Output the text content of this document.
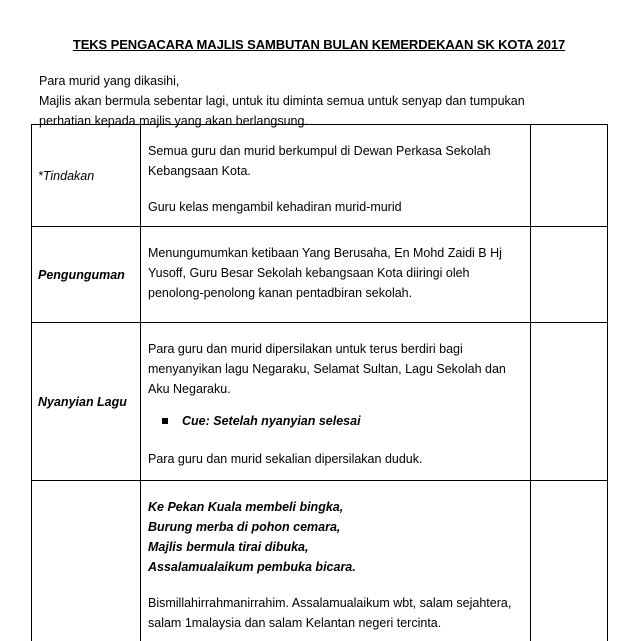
TEKS PENGACARA MAJLIS SAMBUTAN BULAN KEMERDEKAAN SK KOTA 2017
Para murid yang dikasihi,
Majlis akan bermula sebentar lagi, untuk itu diminta semua untuk senyap dan tumpukan
perhatian kepada majlis yang akan berlangsung.
*Tindakan
Semua guru dan murid berkumpul di Dewan Perkasa Sekolah
Kebangsaan Kota.
Guru kelas mengambil kehadiran murid-murid
Pengunguman
Menungumumkan ketibaan Yang Berusaha, En Mohd Zaidi B Hj
Yusoff, Guru Besar Sekolah kebangsaan Kota diiringi oleh
penolong-penolong kanan pentadbiran sekolah.
Nyanyian Lagu
Para guru dan murid dipersilakan untuk terus berdiri bagi
menyanyikan lagu Negaraku, Selamat Sultan, Lagu Sekolah dan
Aku Negaraku.
Cue: Setelah nyanyian selesai
Para guru dan murid sekalian dipersilakan duduk.
Ke Pekan Kuala membeli bingka,
Burung merba di pohon cemara,
Majlis bermula tirai dibuka,
Assalamualaikum pembuka bicara.
Bismillahirrahmanirrahim. Assalamualaikum wbt, salam sejahtera,
salam 1malaysia dan salam Kelantan negeri tercinta.
